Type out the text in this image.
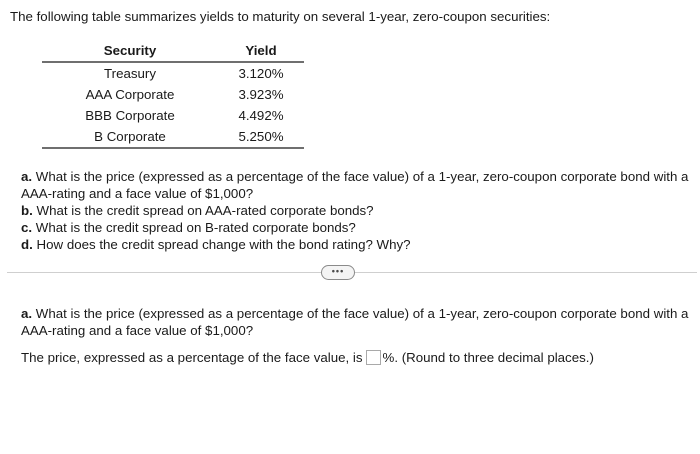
The following table summarizes yields to maturity on several 1-year, zero-coupon securities:
Security	Yield
Treasury	3.120%
AAA Corporate	3.923%
BBB Corporate	4.492%
B Corporate	5.250%

a. What is the price (expressed as a percentage of the face value) of a 1-year, zero-coupon corporate bond with a AAA-rating and a face value of $1,000?

b. What is the credit spread on AAA-rated corporate bonds?

c. What is the credit spread on B-rated corporate bonds?

d. How does the credit spread change with the bond rating? Why?

•••

a. What is the price (expressed as a percentage of the face value) of a 1-year, zero-coupon corporate bond with a AAA-rating and a face value of $1,000?

The price, expressed as a percentage of the face value, is %. (Round to three decimal places.)
